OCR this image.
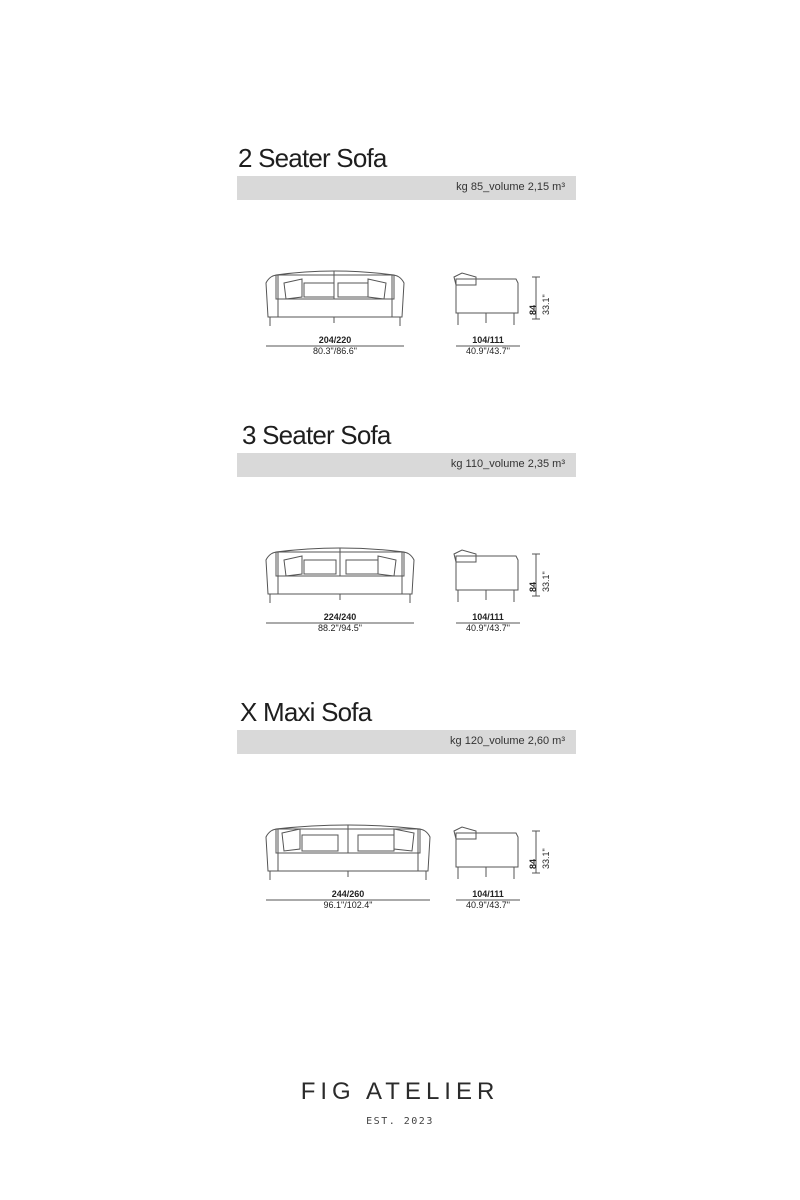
2 Seater Sofa
kg 85_volume 2,15 m³
204/220
80.3"/86.6"
104/111
40.9"/43.7"
84 33.1"
3 Seater Sofa
kg 110_volume 2,35 m³
224/240
88.2"/94.5"
104/111
40.9"/43.7"
84 33.1"
X Maxi Sofa
kg 120_volume 2,60 m³
244/260
96.1"/102.4"
104/111
40.9"/43.7"
84 33.1"
FIG ATELIER
EST. 2023
